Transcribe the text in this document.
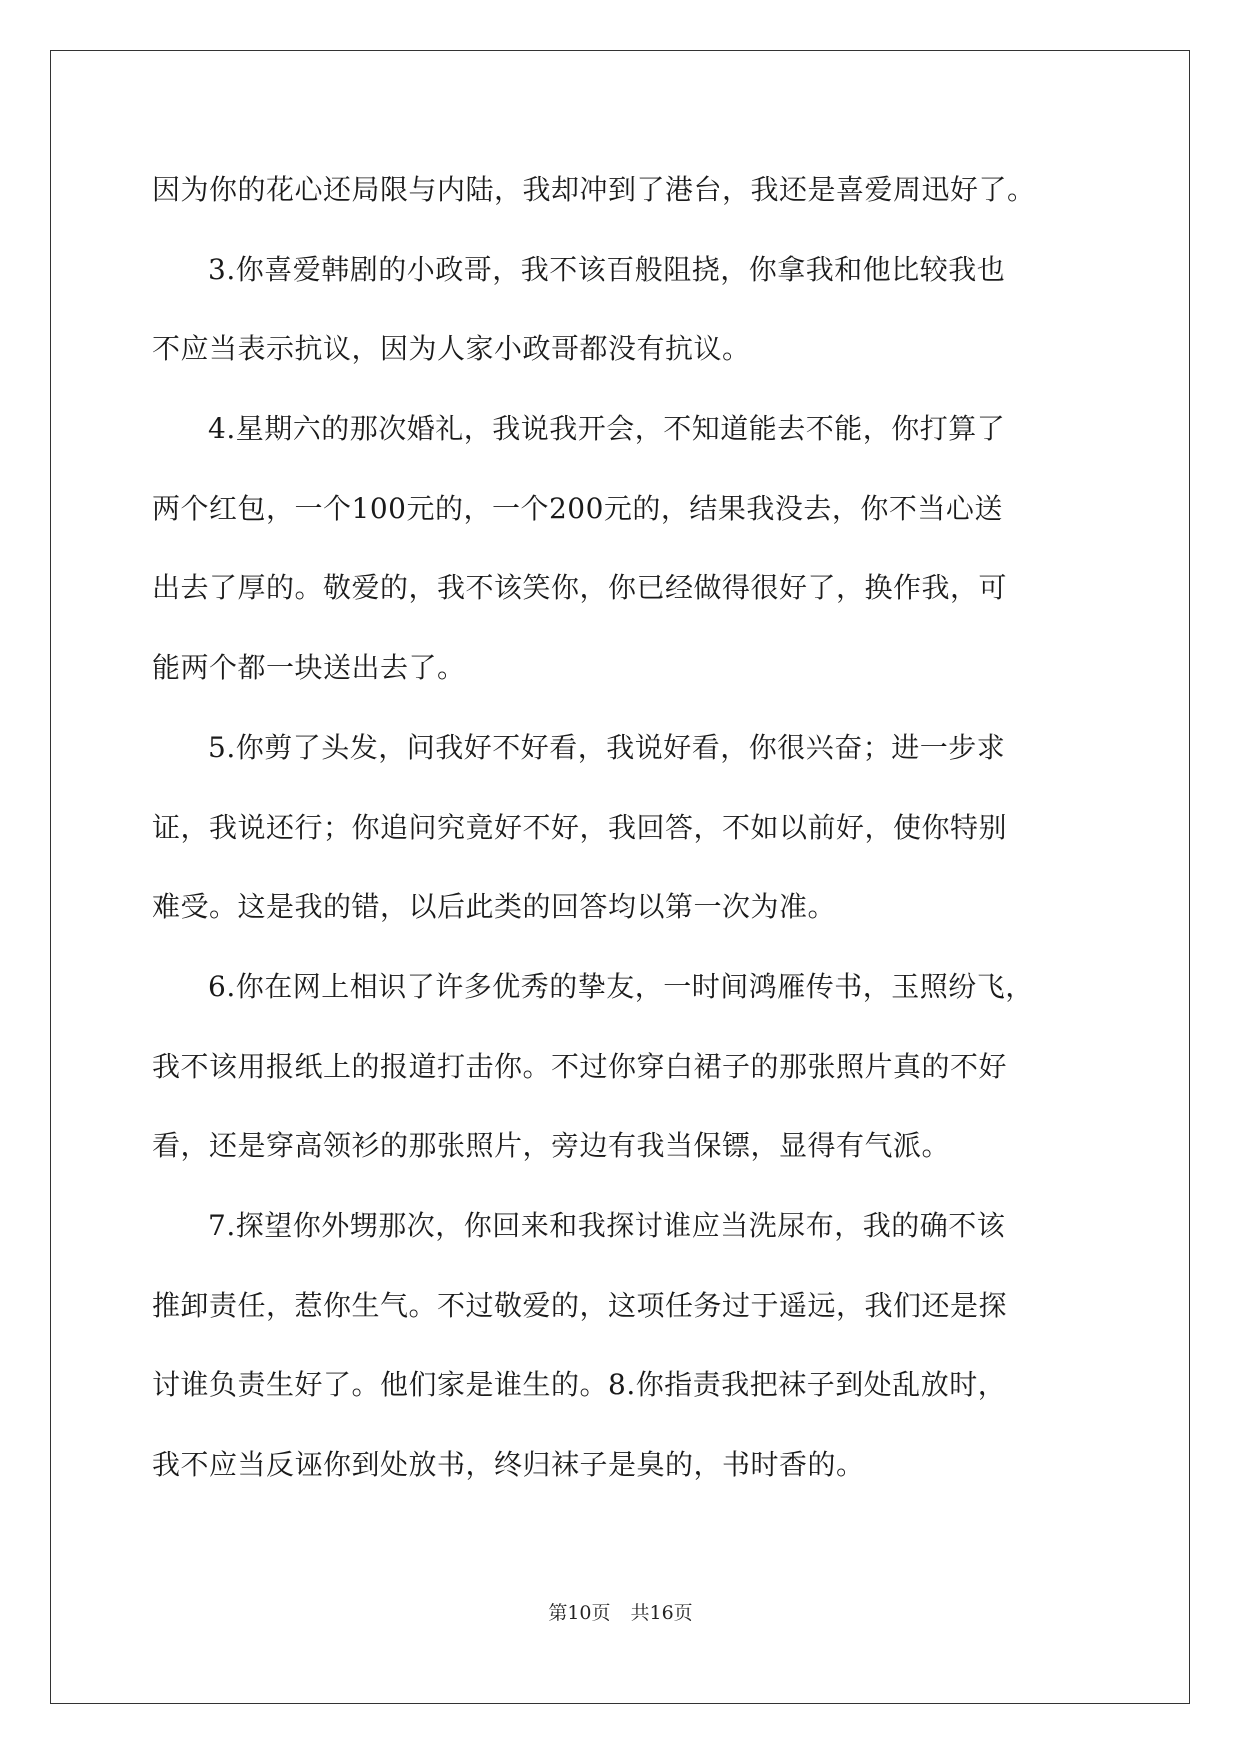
因为你的花心还局限与内陆，我却冲到了港台，我还是喜爱周迅好了。
3.你喜爱韩剧的小政哥，我不该百般阻挠，你拿我和他比较我也
不应当表示抗议，因为人家小政哥都没有抗议。
4.星期六的那次婚礼，我说我开会，不知道能去不能，你打算了
两个红包，一个100元的，一个200元的，结果我没去，你不当心送
出去了厚的。敬爱的，我不该笑你，你已经做得很好了，换作我，可
能两个都一块送出去了。
5.你剪了头发，问我好不好看，我说好看，你很兴奋；进一步求
证，我说还行；你追问究竟好不好，我回答，不如以前好，使你特别
难受。这是我的错，以后此类的回答均以第一次为准。
6.你在网上相识了许多优秀的挚友，一时间鸿雁传书，玉照纷飞，
我不该用报纸上的报道打击你。不过你穿白裙子的那张照片真的不好
看，还是穿高领衫的那张照片，旁边有我当保镖，显得有气派。
7.探望你外甥那次，你回来和我探讨谁应当洗尿布，我的确不该
推卸责任，惹你生气。不过敬爱的，这项任务过于遥远，我们还是探
讨谁负责生好了。他们家是谁生的。8.你指责我把袜子到处乱放时，
我不应当反诬你到处放书，终归袜子是臭的，书时香的。
第10页 共16页
